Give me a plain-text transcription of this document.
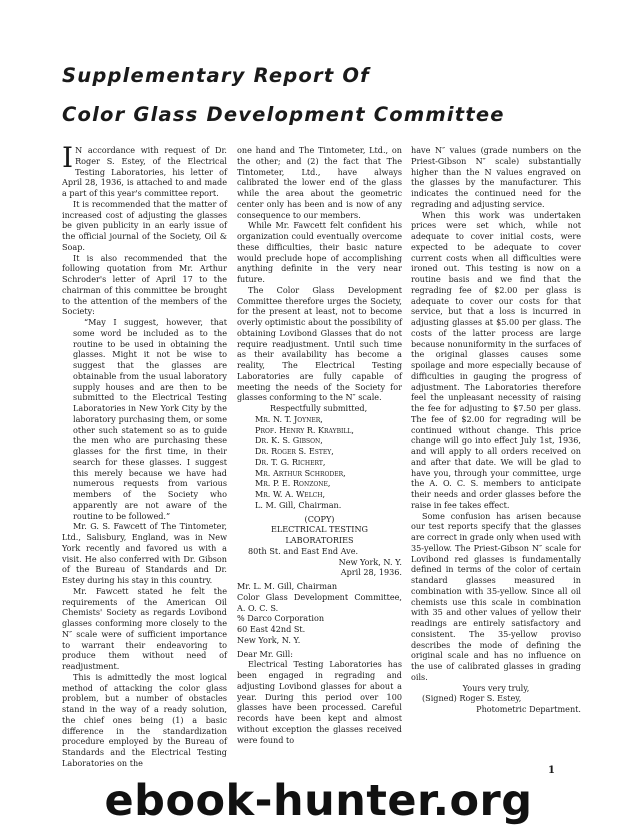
Supplementary Report Of
Color Glass Development Committee

I N accordance with request of Dr. Roger S. Estey, of the Electrical Testing Laboratories, his letter of April 28, 1936, is attached to and made a part of this year's committee report.

It is recommended that the matter of increased cost of adjusting the glasses be given publicity in an early issue of the official journal of the Society, Oil & Soap.

It is also recommended that the following quotation from Mr. Arthur Schroder's letter of April 17 to the chairman of this committee be brought to the attention of the members of the Society:

“May I suggest, however, that some word be included as to the routine to be used in obtaining the glasses. Might it not be wise to suggest that the glasses are obtainable from the usual laboratory supply houses and are then to be submitted to the Electrical Testing Laboratories in New York City by the laboratory purchasing them, or some other such statement so as to guide the men who are purchasing these glasses for the first time, in their search for these glasses. I suggest this merely because we have had numerous requests from various members of the Society who apparently are not aware of the routine to be followed.”

Mr. G. S. Fawcett of The Tintometer, Ltd., Salisbury, England, was in New York recently and favored us with a visit. He also conferred with Dr. Gibson of the Bureau of Standards and Dr. Estey during his stay in this country.

Mr. Fawcett stated he felt the requirements of the American Oil Chemists' Society as regards Lovibond glasses conforming more closely to the N″ scale were of sufficient importance to warrant their endeavoring to produce them without need of readjustment.

This is admittedly the most logical method of attacking the color glass problem, but a number of obstacles stand in the way of a ready solution, the chief ones being (1) a basic difference in the standardization procedure employed by the Bureau of Standards and the Electrical Testing Laboratories on the

one hand and The Tintometer, Ltd., on the other; and (2) the fact that The Tintometer, Ltd., have always calibrated the lower end of the glass while the area about the geometric center only has been and is now of any consequence to our members.

While Mr. Fawcett felt confident his organization could eventually overcome these difficulties, their basic nature would preclude hope of accomplishing anything definite in the very near future.

The Color Glass Development Committee therefore urges the Society, for the present at least, not to become overly optimistic about the possibility of obtaining Lovibond Glasses that do not require readjustment. Until such time as their availability has become a reality, The Electrical Testing Laboratories are fully capable of meeting the needs of the Society for glasses conforming to the N″ scale.

Respectfully submitted,

Mr. N. T. Joyner,
Prof. Henry R. Kraybill,
Dr. K. S. Gibson,
Dr. Roger S. Estey,
Dr. T. G. Richert,
Mr. Arthur Schroder,
Mr. P. E. Ronzone,
Mr. W. A. Welch,
L. M. Gill, Chairman.

(COPY)

ELECTRICAL TESTING LABORATORIES

80th St. and East End Ave.

New York, N. Y.

April 28, 1936.

Mr. L. M. Gill, Chairman
Color Glass Development Committee, A. O. C. S.
% Darco Corporation
60 East 42nd St.
New York, N. Y.

Dear Mr. Gill:

Electrical Testing Laboratories has been engaged in regrading and adjusting Lovibond glasses for about a year. During this period over 100 glasses have been processed. Careful records have been kept and almost without exception the glasses received were found to

have N″ values (grade numbers on the Priest-Gibson N″ scale) substantially higher than the N values engraved on the glasses by the manufacturer. This indicates the continued need for the regrading and adjusting service.

When this work was undertaken prices were set which, while not adequate to cover initial costs, were expected to be adequate to cover current costs when all difficulties were ironed out. This testing is now on a routine basis and we find that the regrading fee of $2.00 per glass is adequate to cover our costs for that service, but that a loss is incurred in adjusting glasses at $5.00 per glass. The costs of the latter process are large because nonuniformity in the surfaces of the original glasses causes some spoilage and more especially because of difficulties in gauging the progress of adjustment. The Laboratories therefore feel the unpleasant necessity of raising the fee for adjusting to $7.50 per glass. The fee of $2.00 for regrading will be continued without change. This price change will go into effect July 1st, 1936, and will apply to all orders received on and after that date. We will be glad to have you, through your committee, urge the A. O. C. S. members to anticipate their needs and order glasses before the raise in fee takes effect.

Some confusion has arisen because our test reports specify that the glasses are correct in grade only when used with 35-yellow. The Priest-Gibson N″ scale for Lovibond red glasses is fundamentally defined in terms of the color of certain standard glasses measured in combination with 35-yellow. Since all oil chemists use this scale in combination with 35 and other values of yellow their readings are entirely satisfactory and consistent. The 35-yellow proviso describes the mode of defining the original scale and has no influence on the use of calibrated glasses in grading oils.

Yours very truly,

(Signed) Roger S. Estey,

Photometric Department.

1
ebook-hunter.org
